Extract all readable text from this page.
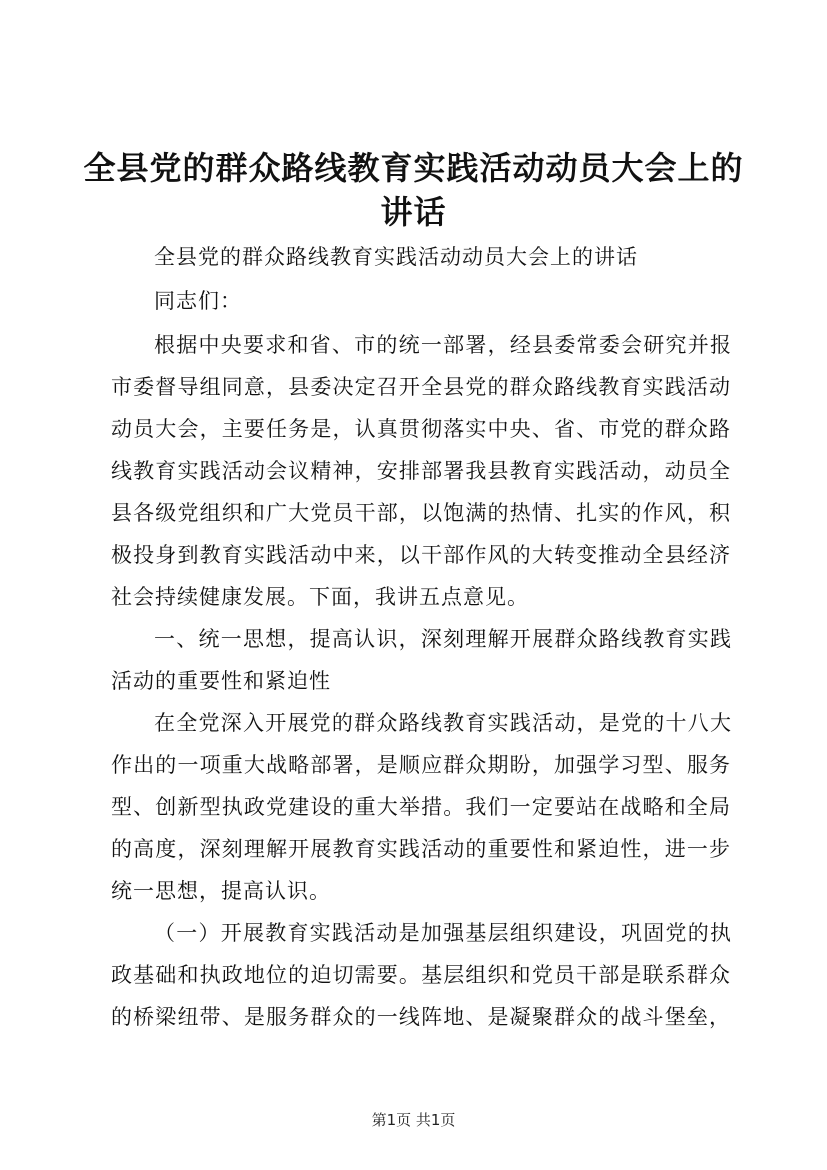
全县党的群众路线教育实践活动动员大会上的
讲话
全县党的群众路线教育实践活动动员大会上的讲话
同志们：
根据中央要求和省、市的统一部署，经县委常委会研究并报
市委督导组同意，县委决定召开全县党的群众路线教育实践活动
动员大会，主要任务是，认真贯彻落实中央、省、市党的群众路
线教育实践活动会议精神，安排部署我县教育实践活动，动员全
县各级党组织和广大党员干部，以饱满的热情、扎实的作风，积
极投身到教育实践活动中来，以干部作风的大转变推动全县经济
社会持续健康发展。下面，我讲五点意见。
一、统一思想，提高认识，深刻理解开展群众路线教育实践
活动的重要性和紧迫性
在全党深入开展党的群众路线教育实践活动，是党的十八大
作出的一项重大战略部署，是顺应群众期盼，加强学习型、服务
型、创新型执政党建设的重大举措。我们一定要站在战略和全局
的高度，深刻理解开展教育实践活动的重要性和紧迫性，进一步
统一思想，提高认识。
（一）开展教育实践活动是加强基层组织建设，巩固党的执
政基础和执政地位的迫切需要。基层组织和党员干部是联系群众
的桥梁纽带、是服务群众的一线阵地、是凝聚群众的战斗堡垒，
第1页 共1页
